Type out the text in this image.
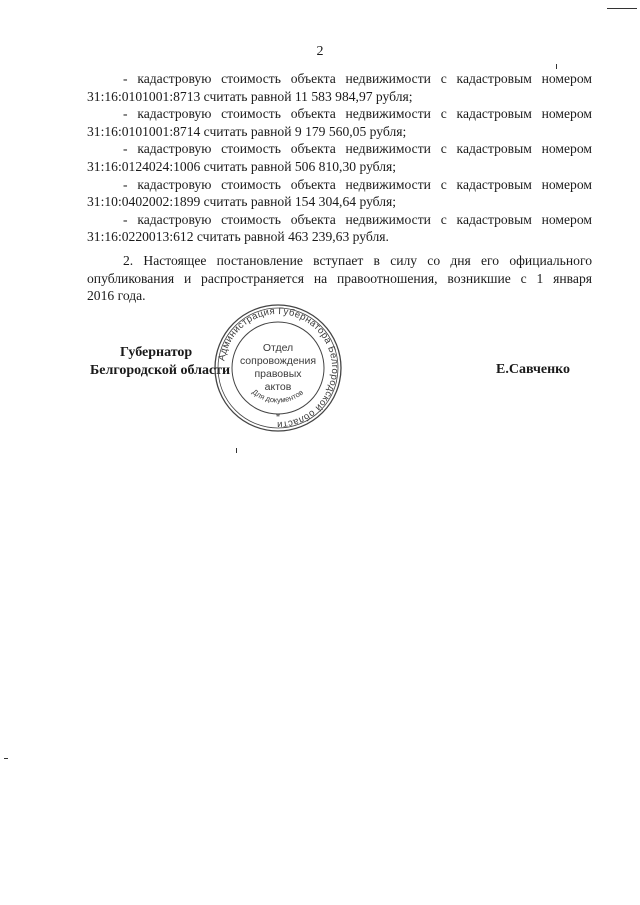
2

- кадастровую стоимость объекта недвижимости с кадастровым номером
31:16:0101001:8713 считать равной 11 583 984,97 рубля;

- кадастровую стоимость объекта недвижимости с кадастровым номером
31:16:0101001:8714 считать равной 9 179 560,05 рубля;

- кадастровую стоимость объекта недвижимости с кадастровым номером
31:16:0124024:1006 считать равной 506 810,30 рубля;

- кадастровую стоимость объекта недвижимости с кадастровым номером
31:10:0402002:1899 считать равной 154 304,64 рубля;

- кадастровую стоимость объекта недвижимости с кадастровым номером
31:16:0220013:612 считать равной 463 239,63 рубля.

2. Настоящее постановление вступает в силу со дня его официального опубликования и распространяется на правоотношения, возникшие с 1 января
2016 года.

Губернатор
Белгородской области
Администрация Губернатора Белгородской области
Для документов
*
Отдел
сопровождения
правовых
актов
Е.Савченко
